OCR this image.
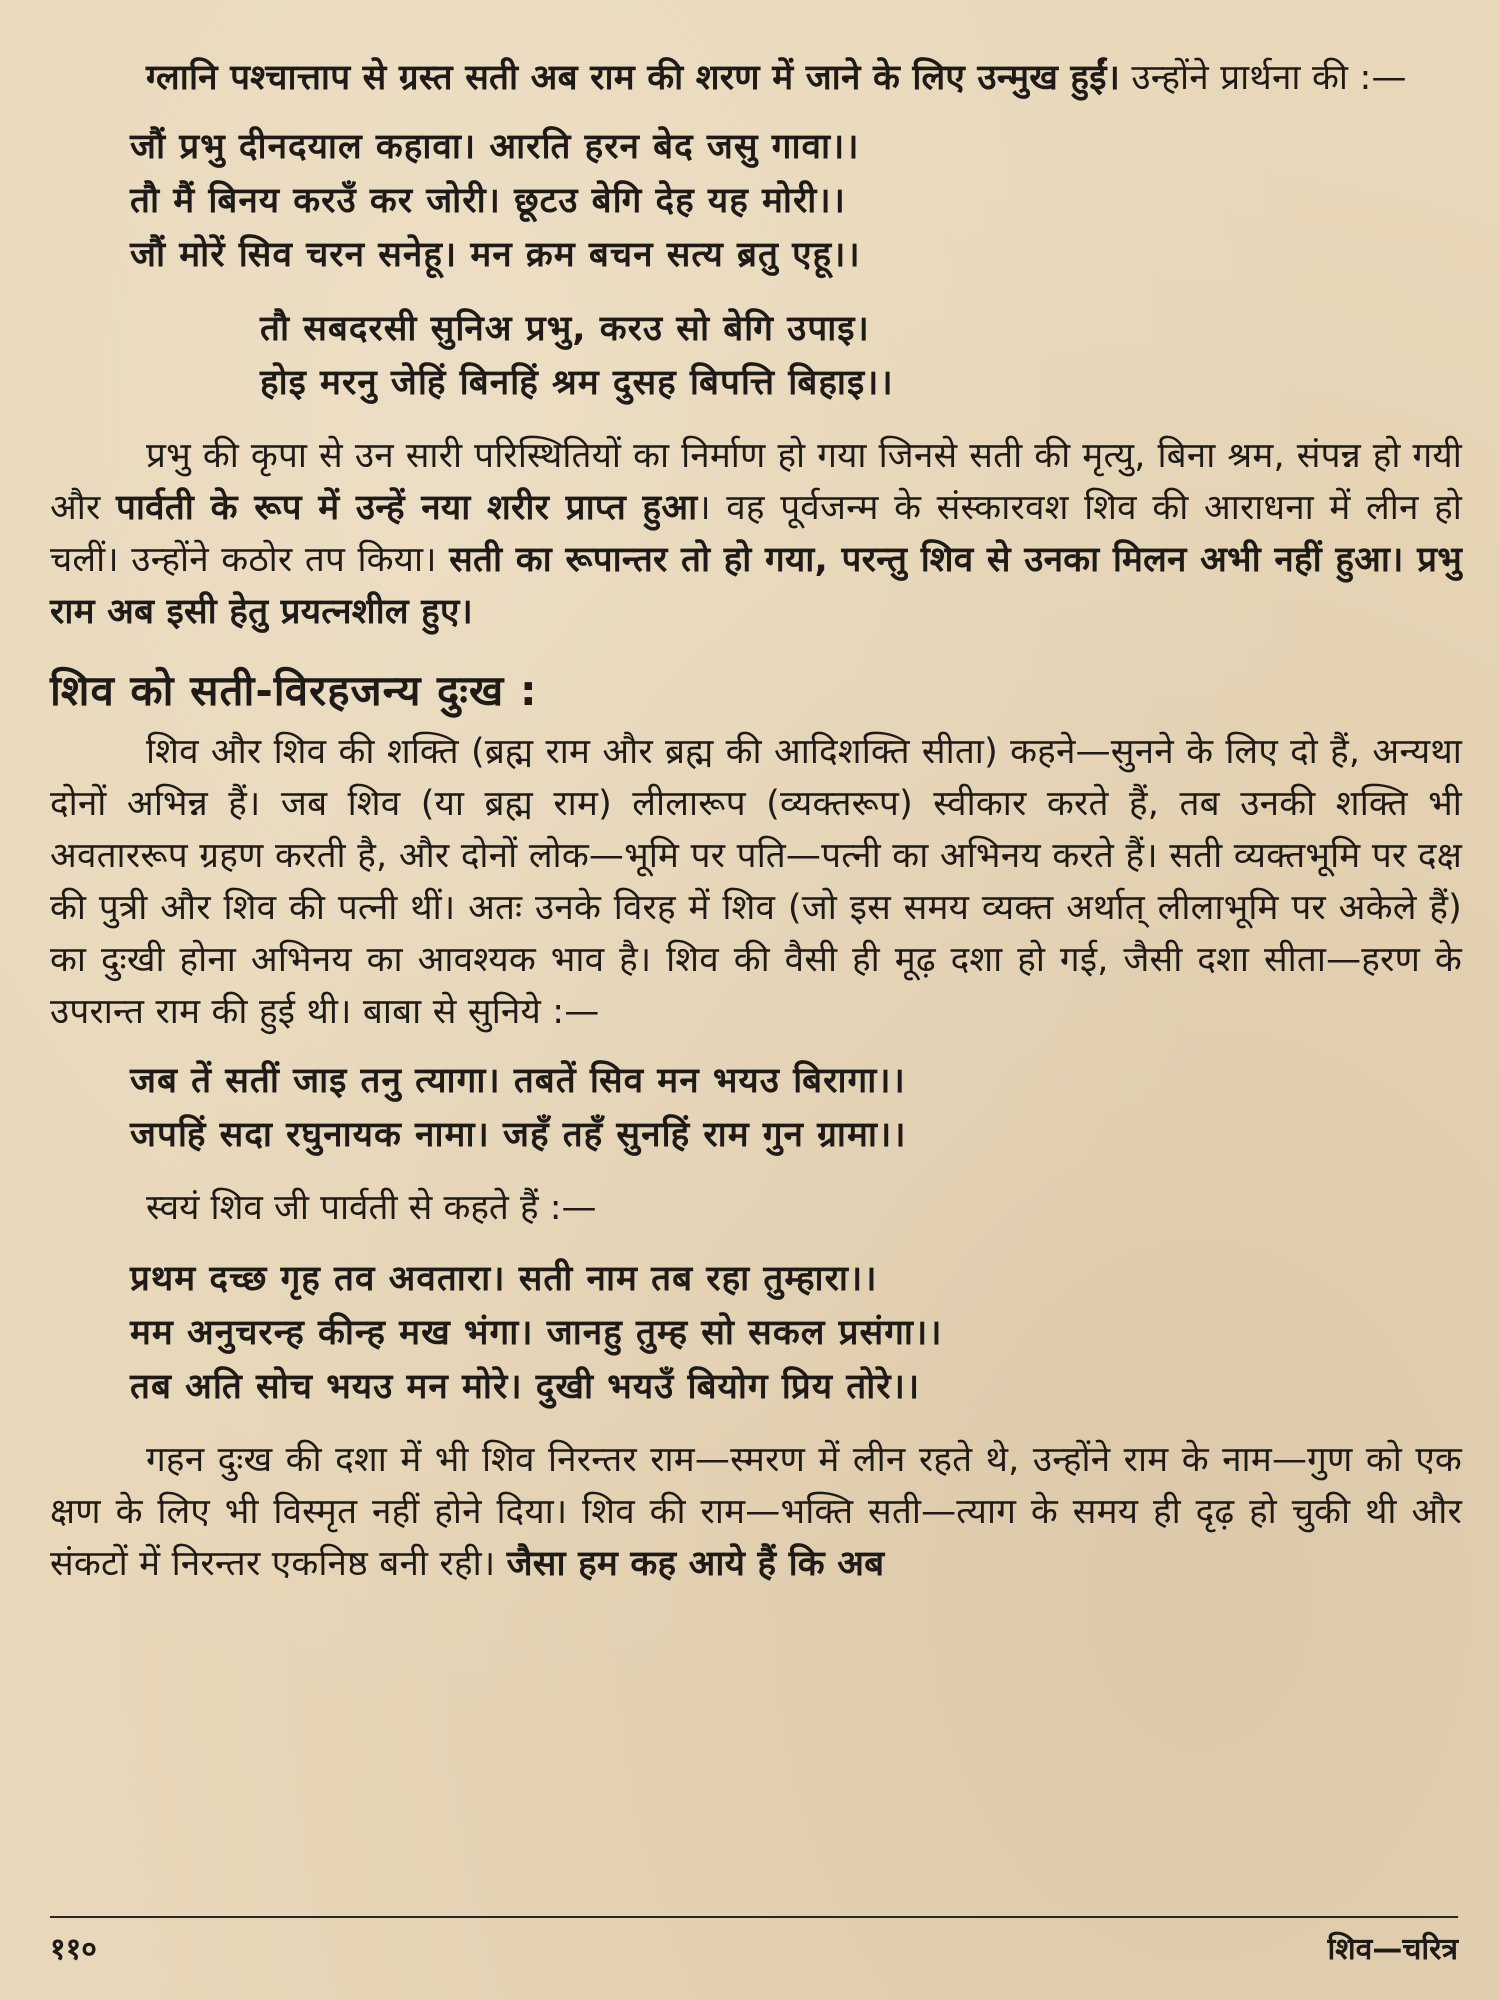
ग्लानि पश्चात्ताप से ग्रस्त सती अब राम की शरण में जाने के लिए उन्मुख हुईं। उन्होंने प्रार्थना की :—

जौं प्रभु दीनदयाल कहावा। आरति हरन बेद जसु गावा।।
तौ मैं बिनय करउँ कर जोरी। छूटउ बेगि देह यह मोरी।।
जौं मोरें सिव चरन सनेहू। मन क्रम बचन सत्य ब्रतु एहू।।
तौ सबदरसी सुनिअ प्रभु, करउ सो बेगि उपाइ।
होइ मरनु जेहिं बिनहिं श्रम दुसह बिपत्ति बिहाइ।।

प्रभु की कृपा से उन सारी परिस्थितियों का निर्माण हो गया जिनसे सती की मृत्यु, बिना श्रम, संपन्न हो गयी और पार्वती के रूप में उन्हें नया शरीर प्राप्त हुआ। वह पूर्वजन्म के संस्कारवश शिव की आराधना में लीन हो चलीं। उन्होंने कठोर तप किया। सती का रूपान्तर तो हो गया, परन्तु शिव से उनका मिलन अभी नहीं हुआ। प्रभु राम अब इसी हेतु प्रयत्नशील हुए।

शिव को सती-विरहजन्य दुःख :

शिव और शिव की शक्ति (ब्रह्म राम और ब्रह्म की आदिशक्ति सीता) कहने—सुनने के लिए दो हैं, अन्यथा दोनों अभिन्न हैं। जब शिव (या ब्रह्म राम) लीलारूप (व्यक्तरूप) स्वीकार करते हैं, तब उनकी शक्ति भी अवताररूप ग्रहण करती है, और दोनों लोक—भूमि पर पति—पत्नी का अभिनय करते हैं। सती व्यक्तभूमि पर दक्ष की पुत्री और शिव की पत्नी थीं। अतः उनके विरह में शिव (जो इस समय व्यक्त अर्थात् लीलाभूमि पर अकेले हैं) का दुःखी होना अभिनय का आवश्यक भाव है। शिव की वैसी ही मूढ़ दशा हो गई, जैसी दशा सीता—हरण के उपरान्त राम की हुई थी। बाबा से सुनिये :—

जब तें सतीं जाइ तनु त्यागा। तबतें सिव मन भयउ बिरागा।।
जपहिं सदा रघुनायक नामा। जहँ तहँ सुनहिं राम गुन ग्रामा।।
स्वयं शिव जी पार्वती से कहते हैं :—
प्रथम दच्छ गृह तव अवतारा। सती नाम तब रहा तुम्हारा।।
मम अनुचरन्ह कीन्ह मख भंगा। जानहु तुम्ह सो सकल प्रसंगा।।
तब अति सोच भयउ मन मोरे। दुखी भयउँ बियोग प्रिय तोरे।।

गहन दुःख की दशा में भी शिव निरन्तर राम—स्मरण में लीन रहते थे, उन्होंने राम के नाम—गुण को एक क्षण के लिए भी विस्मृत नहीं होने दिया। शिव की राम—भक्ति सती—त्याग के समय ही दृढ़ हो चुकी थी और संकटों में निरन्तर एकनिष्ठ बनी रही। जैसा हम कह आये हैं कि अब

११०	शिव—चरित्र
